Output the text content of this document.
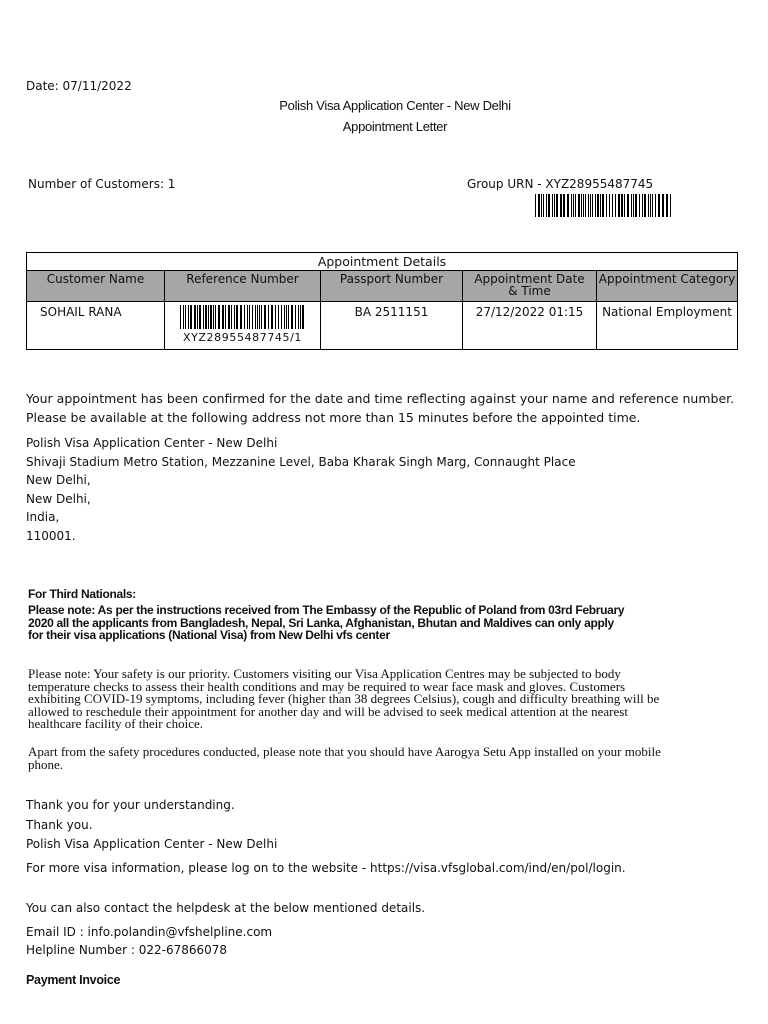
Date: 07/11/2022
Polish Visa Application Center - New Delhi
Appointment Letter
Number of Customers: 1	Group URN - XYZ28955487745
Appointment Details				
Customer Name	Reference Number	Passport Number	Appointment Date & Time	Appointment Category
SOHAIL RANA	XYZ28955487745/1	BA 2511151	27/12/2022 01:15	National Employment
Your appointment has been confirmed for the date and time reflecting against your name and reference number. Please be available at the following address not more than 15 minutes before the appointed time.
Polish Visa Application Center - New Delhi
Shivaji Stadium Metro Station, Mezzanine Level, Baba Kharak Singh Marg, Connaught Place
New Delhi,
New Delhi,
India,
110001.
For Third Nationals:
Please note: As per the instructions received from The Embassy of the Republic of Poland from 03rd February 2020 all the applicants from Bangladesh, Nepal, Sri Lanka, Afghanistan, Bhutan and Maldives can only apply for their visa applications (National Visa) from New Delhi vfs center
Please note: Your safety is our priority. Customers visiting our Visa Application Centres may be subjected to body temperature checks to assess their health conditions and may be required to wear face mask and gloves. Customers exhibiting COVID-19 symptoms, including fever (higher than 38 degrees Celsius), cough and difficulty breathing will be allowed to reschedule their appointment for another day and will be advised to seek medical attention at the nearest healthcare facility of their choice.
Apart from the safety procedures conducted, please note that you should have Aarogya Setu App installed on your mobile phone.
Thank you for your understanding.
Thank you.
Polish Visa Application Center - New Delhi
For more visa information, please log on to the website - https://visa.vfsglobal.com/ind/en/pol/login.
You can also contact the helpdesk at the below mentioned details.
Email ID : info.polandin@vfshelpline.com
Helpline Number : 022-67866078
Payment Invoice
